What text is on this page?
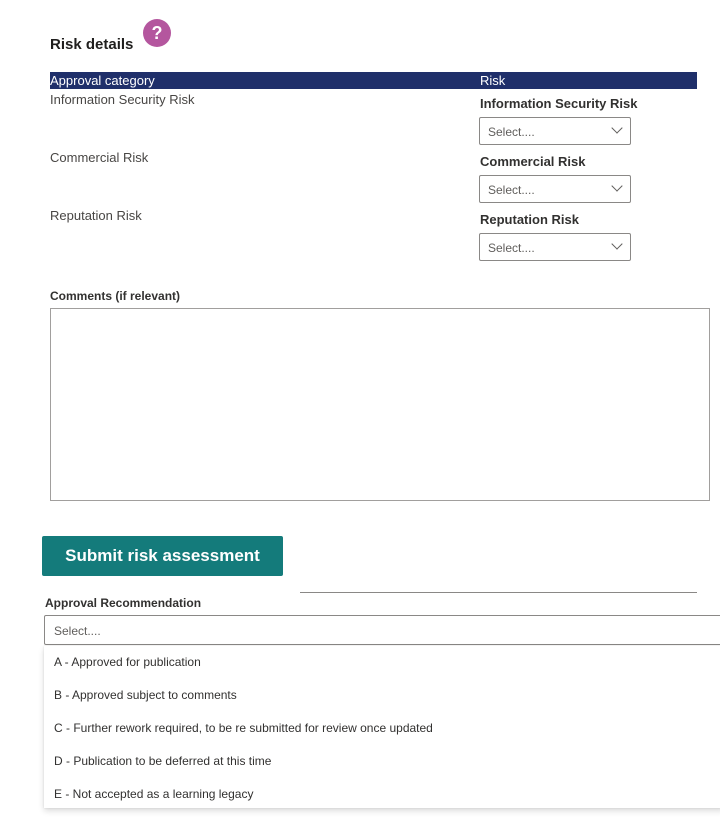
Risk details
?
Approval category	Risk
Information Security Risk	Information Security Risk
Select....
Commercial Risk	Commercial Risk
Select....
Reputation Risk	Reputation Risk
Select....
Comments (if relevant)
Submit risk assessment
Approval Recommendation
Select....
A - Approved for publication
B - Approved subject to comments
C - Further rework required, to be re submitted for review once updated
D - Publication to be deferred at this time
E - Not accepted as a learning legacy
